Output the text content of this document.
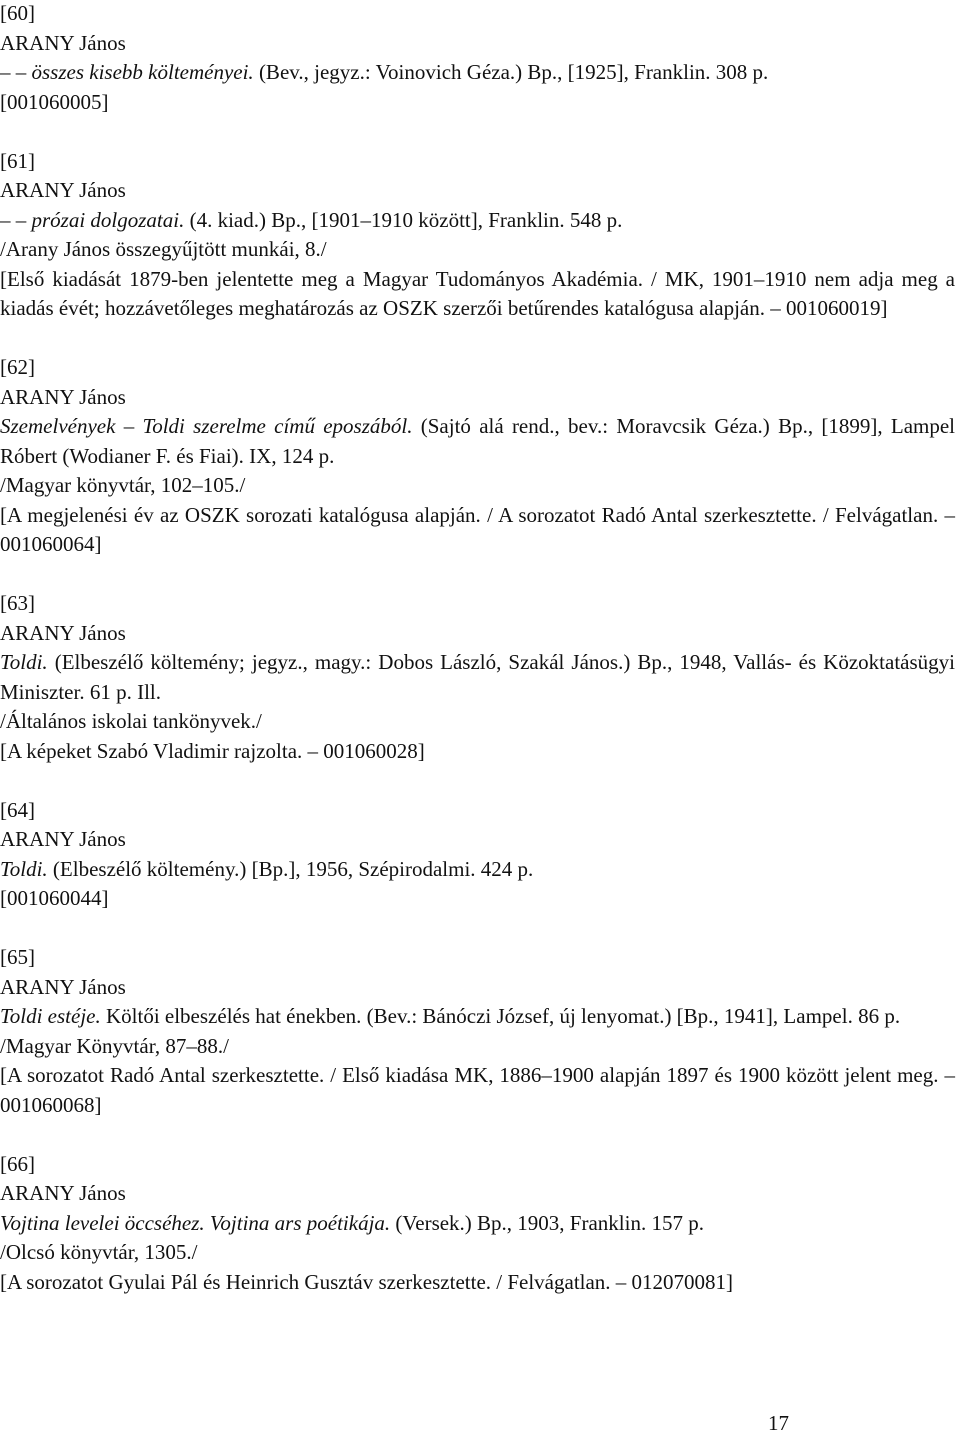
[60]
ARANY János
– – összes kisebb költeményei. (Bev., jegyz.: Voinovich Géza.) Bp., [1925], Franklin. 308 p.
[001060005]
[61]
ARANY János
– – prózai dolgozatai. (4. kiad.) Bp., [1901–1910 között], Franklin. 548 p.
/Arany János összegyűjtött munkái, 8./
[Első kiadását 1879-ben jelentette meg a Magyar Tudományos Akadémia. / MK, 1901–1910 nem adja meg a kiadás évét; hozzávetőleges meghatározás az OSZK szerzői betűrendes katalógusa alapján. – 001060019]
[62]
ARANY János
Szemelvények – Toldi szerelme című eposzából. (Sajtó alá rend., bev.: Moravcsik Géza.) Bp., [1899], Lampel Róbert (Wodianer F. és Fiai). IX, 124 p.
/Magyar könyvtár, 102–105./
[A megjelenési év az OSZK sorozati katalógusa alapján. / A sorozatot Radó Antal szerkesztette. / Felvágatlan. – 001060064]
[63]
ARANY János
Toldi. (Elbeszélő költemény; jegyz., magy.: Dobos László, Szakál János.) Bp., 1948, Vallás- és Közoktatásügyi Miniszter. 61 p. Ill.
/Általános iskolai tankönyvek./
[A képeket Szabó Vladimir rajzolta. – 001060028]
[64]
ARANY János
Toldi. (Elbeszélő költemény.) [Bp.], 1956, Szépirodalmi. 424 p.
[001060044]
[65]
ARANY János
Toldi estéje. Költői elbeszélés hat énekben. (Bev.: Bánóczi József, új lenyomat.) [Bp., 1941], Lampel. 86 p.
/Magyar Könyvtár, 87–88./
[A sorozatot Radó Antal szerkesztette. / Első kiadása MK, 1886–1900 alapján 1897 és 1900 között jelent meg. – 001060068]
[66]
ARANY János
Vojtina levelei öccséhez. Vojtina ars poétikája. (Versek.) Bp., 1903, Franklin. 157 p.
/Olcsó könyvtár, 1305./
[A sorozatot Gyulai Pál és Heinrich Gusztáv szerkesztette. / Felvágatlan. – 012070081]
17
